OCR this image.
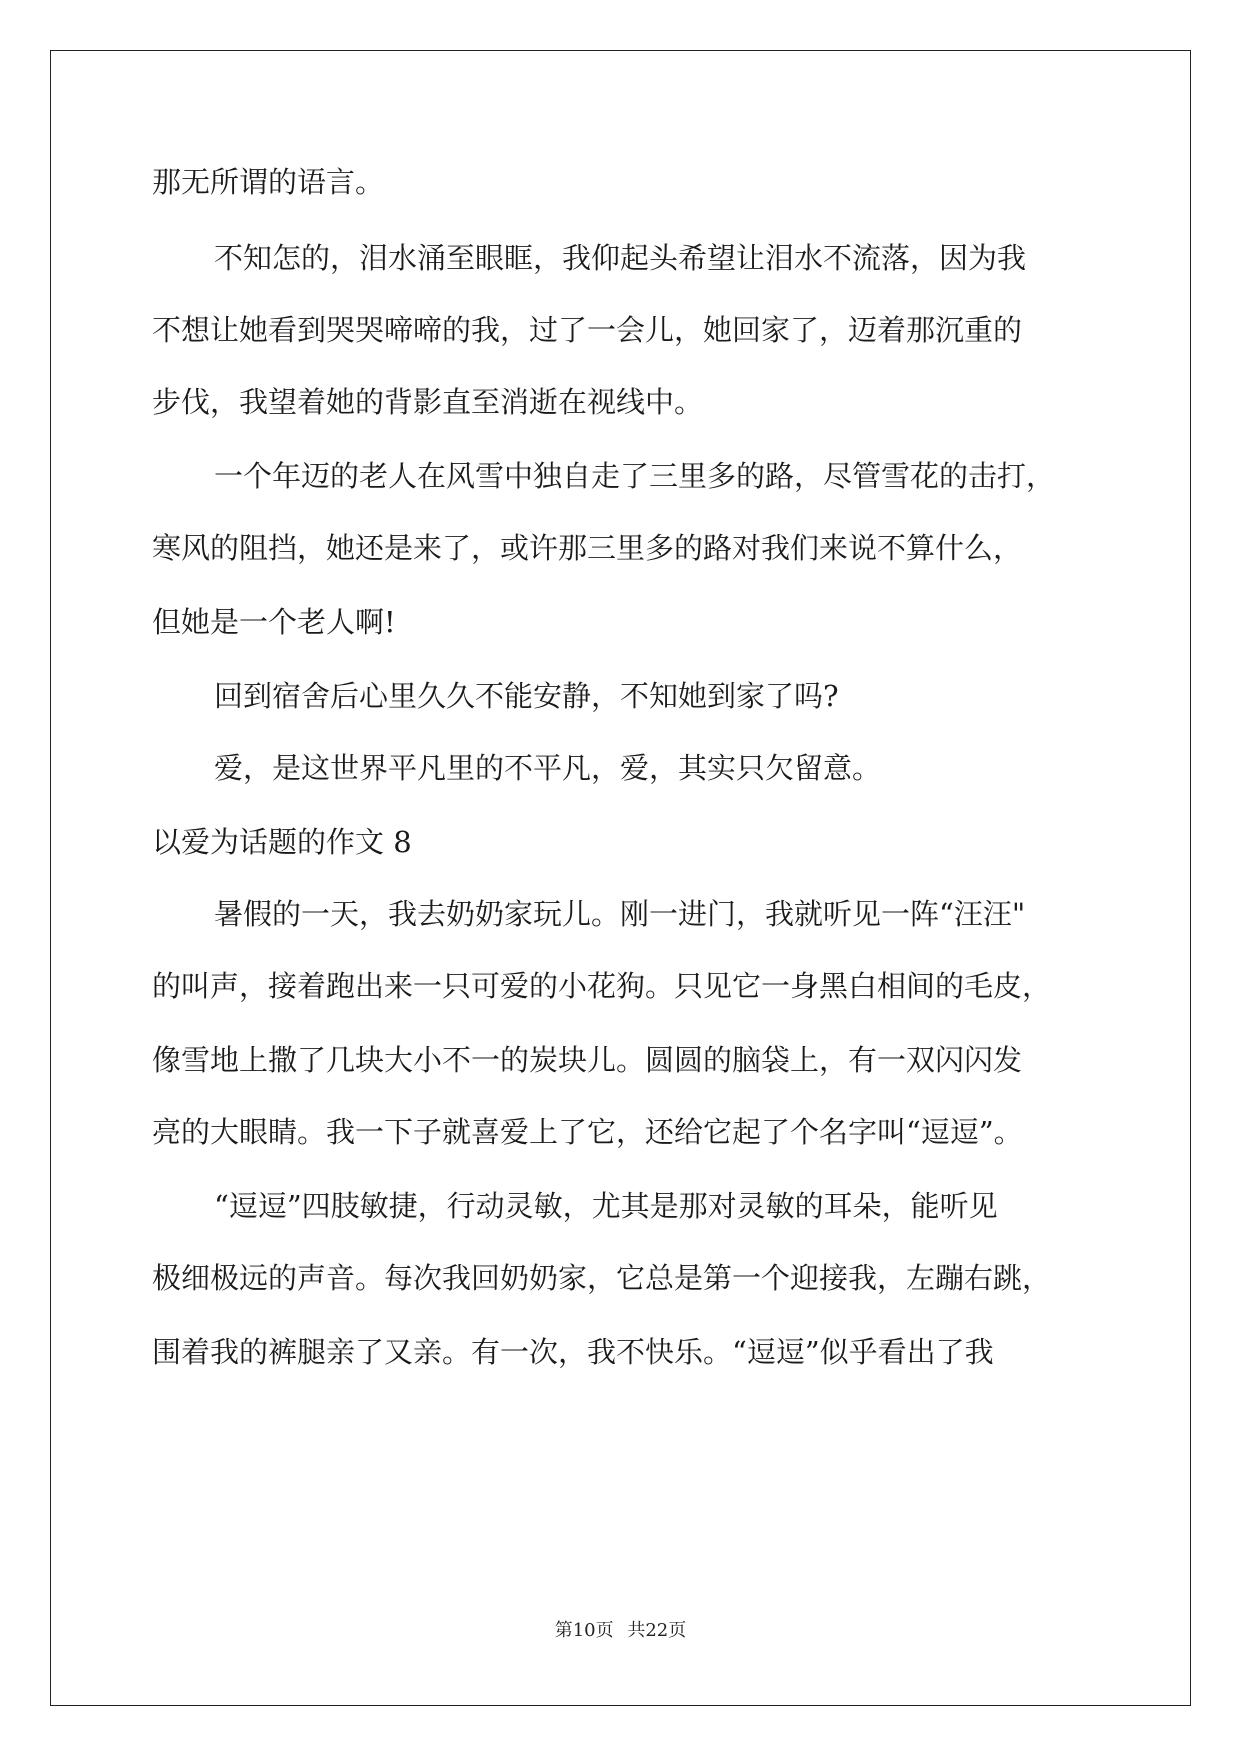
那无所谓的语言。
不知怎的，泪水涌至眼眶，我仰起头希望让泪水不流落，因为我
不想让她看到哭哭啼啼的我，过了一会儿，她回家了，迈着那沉重的
步伐，我望着她的背影直至消逝在视线中。
一个年迈的老人在风雪中独自走了三里多的路，尽管雪花的击打，
寒风的阻挡，她还是来了，或许那三里多的路对我们来说不算什么，
但她是一个老人啊!
回到宿舍后心里久久不能安静，不知她到家了吗?
爱，是这世界平凡里的不平凡，爱，其实只欠留意。
以爱为话题的作文 8
暑假的一天，我去奶奶家玩儿。刚一进门，我就听见一阵“汪汪"
的叫声，接着跑出来一只可爱的小花狗。只见它一身黑白相间的毛皮，
像雪地上撒了几块大小不一的炭块儿。圆圆的脑袋上，有一双闪闪发
亮的大眼睛。我一下子就喜爱上了它，还给它起了个名字叫“逗逗”。
“逗逗”四肢敏捷，行动灵敏，尤其是那对灵敏的耳朵，能听见
极细极远的声音。每次我回奶奶家，它总是第一个迎接我，左蹦右跳，
围着我的裤腿亲了又亲。有一次，我不快乐。“逗逗”似乎看出了我
第10页 共22页
